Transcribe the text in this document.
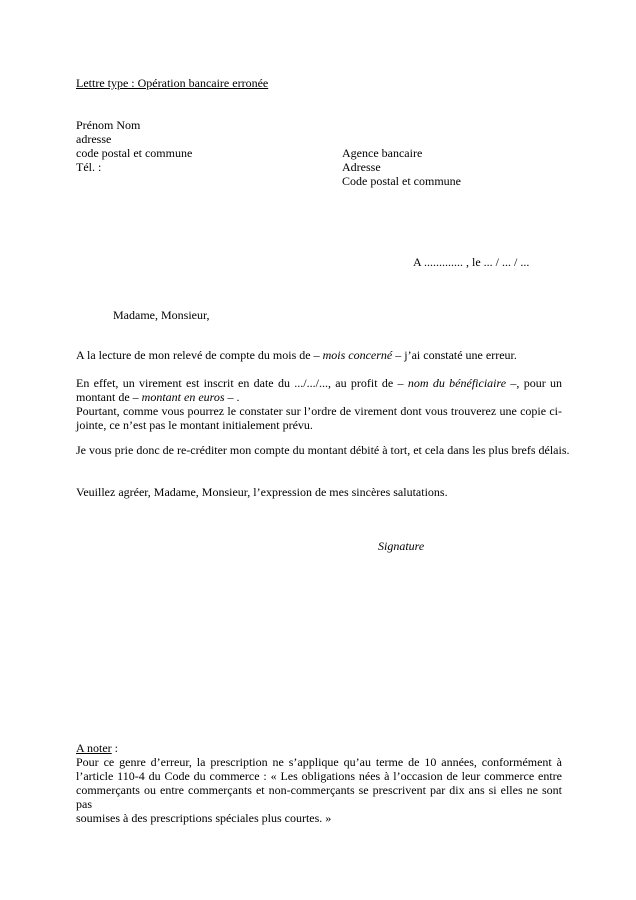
Lettre type : Opération bancaire erronée
Prénom Nom
adresse
code postal et commune
Tél. :
Agence bancaire
Adresse
Code postal et commune
A ............. , le ... / ... / ...
Madame, Monsieur,
A la lecture de mon relevé de compte du mois de – mois concerné – j’ai constaté une erreur.
En effet, un virement est inscrit en date du .../.../..., au profit de – nom du bénéficiaire –, pour un
montant de – montant en euros – .
Pourtant, comme vous pourrez le constater sur l’ordre de virement dont vous trouverez une copie ci-
jointe, ce n’est pas le montant initialement prévu.
Je vous prie donc de re-créditer mon compte du montant débité à tort, et cela dans les plus brefs délais.
Veuillez agréer, Madame, Monsieur, l’expression de mes sincères salutations.
Signature
A noter :
Pour ce genre d’erreur, la prescription ne s’applique qu’au terme de 10 années, conformément à
l’article 110-4 du Code du commerce : « Les obligations nées à l’occasion de leur commerce entre
commerçants ou entre commerçants et non-commerçants se prescrivent par dix ans si elles ne sont pas
soumises à des prescriptions spéciales plus courtes. »
